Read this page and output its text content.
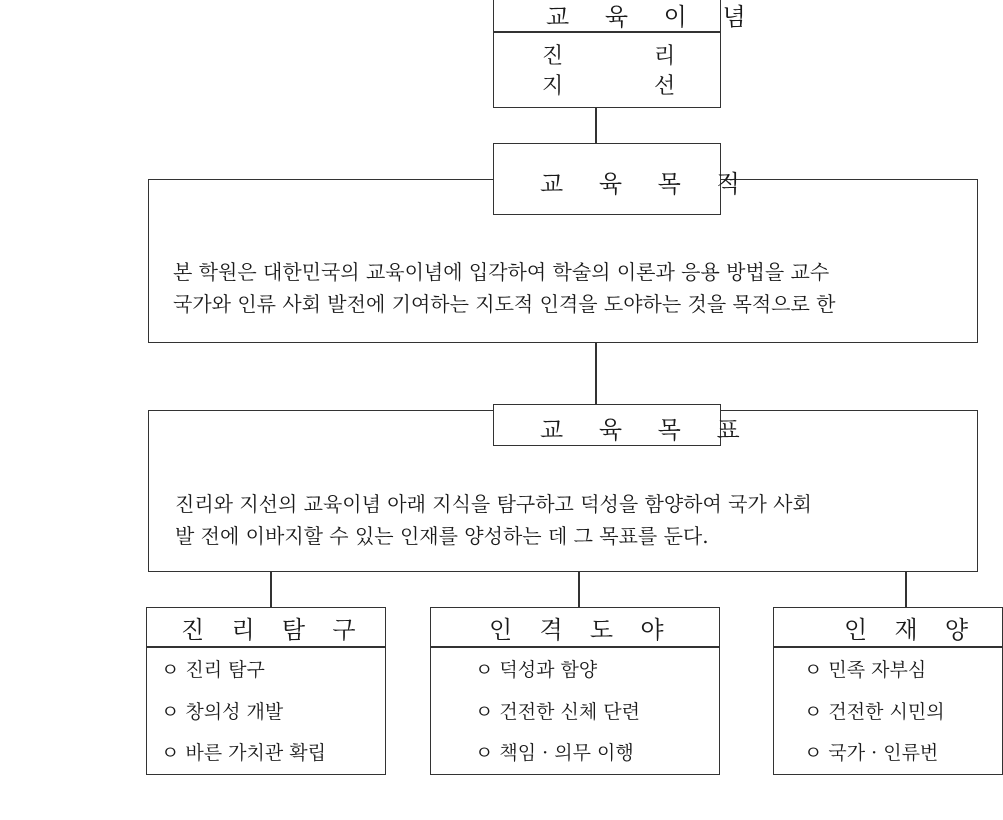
교 육 이 념
진	리
지	선
교 육 목 적
본 학원은 대한민국의 교육이념에 입각하여 학술의 이론과 응용 방법을 교수
국가와 인류 사회 발전에 기여하는 지도적 인격을 도야하는 것을 목적으로 한
교 육 목 표
진리와 지선의 교육이념 아래 지식을 탐구하고 덕성을 함양하여 국가 사회
발 전에 이바지할 수 있는 인재를 양성하는 데 그 목표를 둔다.
진  리  탐  구
ㅇ 진리 탐구
ㅇ 창의성 개발
ㅇ 바른 가치관 확립
인  격  도  야
ㅇ 덕성과 함양
ㅇ 건전한 신체 단련
ㅇ 책임 · 의무 이행
인  재  양
ㅇ 민족 자부심
ㅇ 건전한 시민의
ㅇ 국가 · 인류번
